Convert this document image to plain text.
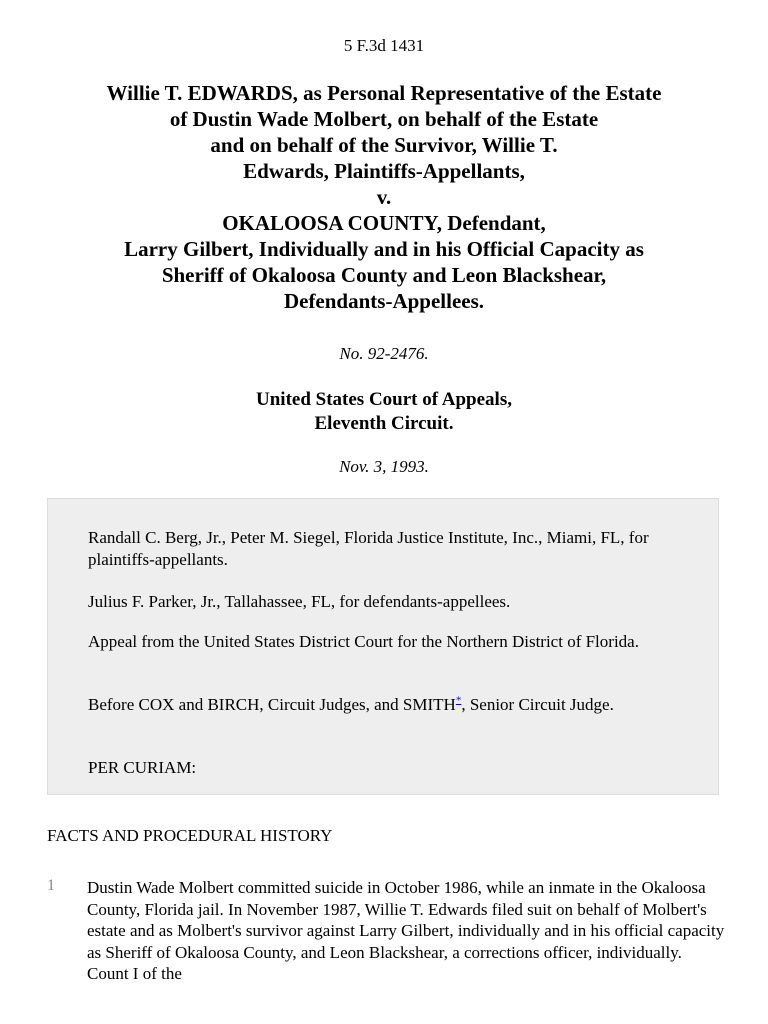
5 F.3d 1431
Willie T. EDWARDS, as Personal Representative of the Estate
of Dustin Wade Molbert, on behalf of the Estate
and on behalf of the Survivor, Willie T.
Edwards, Plaintiffs-Appellants,
v.
OKALOOSA COUNTY, Defendant,
Larry Gilbert, Individually and in his Official Capacity as
Sheriff of Okaloosa County and Leon Blackshear,
Defendants-Appellees.
No. 92-2476.
United States Court of Appeals,
Eleventh Circuit.
Nov. 3, 1993.

Randall C. Berg, Jr., Peter M. Siegel, Florida Justice Institute, Inc., Miami, FL, for plaintiffs-appellants.

Julius F. Parker, Jr., Tallahassee, FL, for defendants-appellees.

Appeal from the United States District Court for the Northern District of Florida.

Before COX and BIRCH, Circuit Judges, and SMITH*, Senior Circuit Judge.

PER CURIAM:

FACTS AND PROCEDURAL HISTORY
1 Dustin Wade Molbert committed suicide in October 1986, while an inmate in the Okaloosa County, Florida jail. In November 1987, Willie T. Edwards filed suit on behalf of Molbert's estate and as Molbert's survivor against Larry Gilbert, individually and in his official capacity as Sheriff of Okaloosa County, and Leon Blackshear, a corrections officer, individually. Count I of the
